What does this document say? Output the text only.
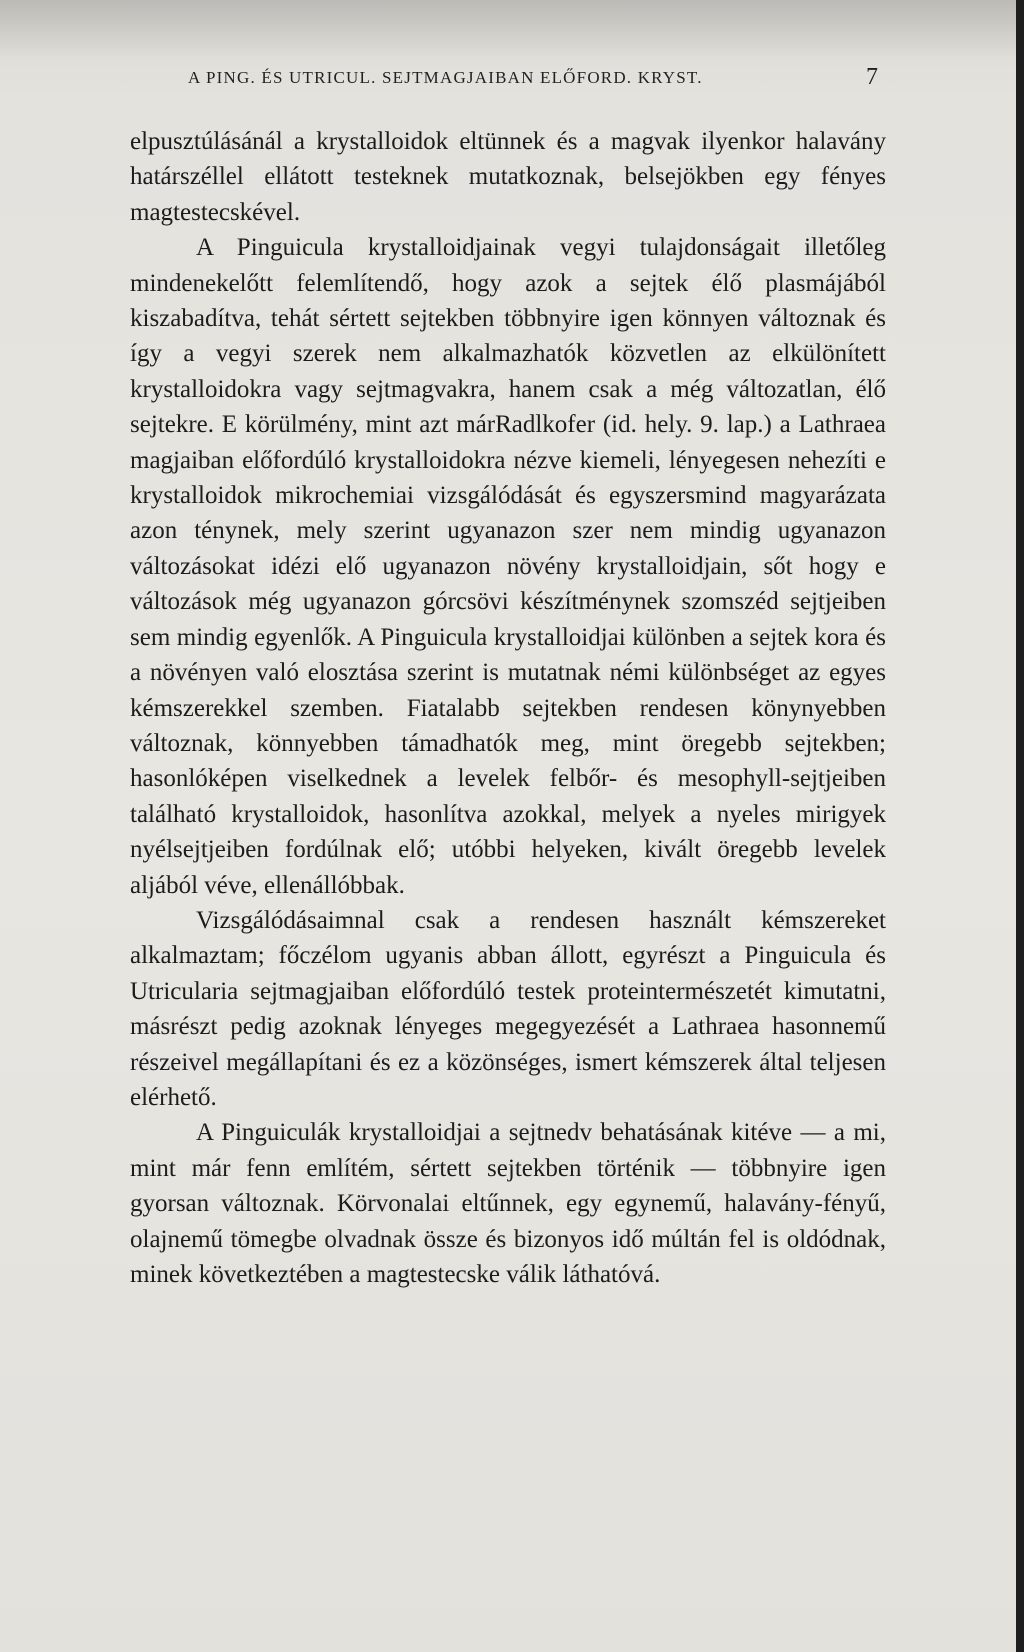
A PING. ÉS UTRICUL. SEJTMAGJAIBAN ELŐFORD. KRYST.	7

elpusztúlásánál a krystalloidok eltünnek és a magvak ilyenkor halavány határszéllel ellátott testeknek mutatkoznak, belsejökben egy fényes magtestecskével.

A Pinguicula krystalloidjainak vegyi tulajdonságait illetőleg mindenekelőtt felemlítendő, hogy azok a sejtek élő plasmájából kiszabadítva, tehát sértett sejtekben többnyire igen könnyen változnak és így a vegyi szerek nem alkalmazhatók közvetlen az elkülönített krystalloidokra vagy sejtmagvakra, hanem csak a még változatlan, élő sejtekre. E körülmény, mint azt márRadlkofer (id. hely. 9. lap.) a Lathraea magjaiban előfordúló krystalloidokra nézve kiemeli, lényegesen nehezíti e krystalloidok mikrochemiai vizsgálódását és egyszersmind magyarázata azon ténynek, mely szerint ugyanazon szer nem mindig ugyanazon változásokat idézi elő ugyanazon növény krystalloidjain, sőt hogy e változások még ugyanazon górcsövi készítménynek szomszéd sejtjeiben sem mindig egyenlők. A Pinguicula krystalloidjai különben a sejtek kora és a növényen való elosztása szerint is mutatnak némi különbséget az egyes kémszerekkel szemben. Fiatalabb sejtekben rendesen könynyebben változnak, könnyebben támadhatók meg, mint öregebb sejtekben; hasonlóképen viselkednek a levelek felbőr- és mesophyll-sejtjeiben található krystalloidok, hasonlítva azokkal, melyek a nyeles mirigyek nyélsejtjeiben fordúlnak elő; utóbbi helyeken, kivált öregebb levelek aljából véve, ellenállóbbak.

Vizsgálódásaimnal csak a rendesen használt kémszereket alkalmaztam; főczélom ugyanis abban állott, egyrészt a Pinguicula és Utricularia sejtmagjaiban előfordúló testek proteintermészetét kimutatni, másrészt pedig azoknak lényeges megegyezését a Lathraea hasonnemű részeivel megállapítani és ez a közönséges, ismert kémszerek által teljesen elérhető.

A Pinguiculák krystalloidjai a sejtnedv behatásának kitéve — a mi, mint már fenn említém, sértett sejtekben történik — többnyire igen gyorsan változnak. Körvonalai eltűnnek, egy egynemű, halavány-fényű, olajnemű tömegbe olvadnak össze és bizonyos idő múltán fel is oldódnak, minek következtében a magtestecske válik láthatóvá.
